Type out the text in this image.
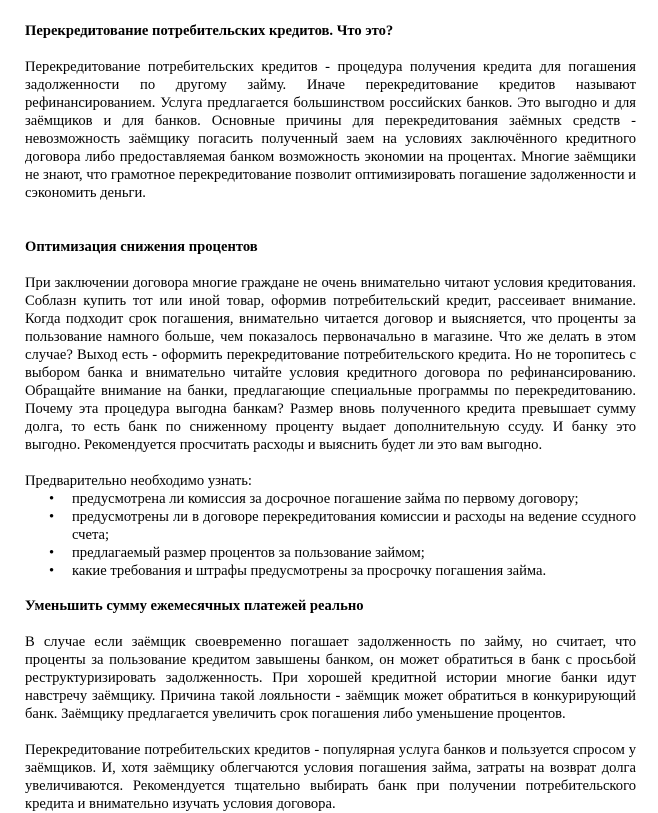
Перекредитование потребительских кредитов. Что это?

Перекредитование потребительских кредитов - процедура получения кредита для погашения задолженности по другому займу. Иначе перекредитование кредитов называют рефинансированием. Услуга предлагается большинством российских банков. Это выгодно и для заёмщиков и для банков. Основные причины для перекредитования заёмных средств - невозможность заёмщику погасить полученный заем на условиях заключённого кредитного договора либо предоставляемая банком возможность экономии на процентах. Многие заёмщики не знают, что грамотное перекредитование позволит оптимизировать погашение задолженности и сэкономить деньги.

Оптимизация снижения процентов

При заключении договора многие граждане не очень внимательно читают условия кредитования. Соблазн купить тот или иной товар, оформив потребительский кредит, рассеивает внимание. Когда подходит срок погашения, внимательно читается договор и выясняется, что проценты за пользование намного больше, чем показалось первоначально в магазине. Что же делать в этом случае? Выход есть - оформить перекредитование потребительского кредита. Но не торопитесь с выбором банка и внимательно читайте условия кредитного договора по рефинансированию. Обращайте внимание на банки, предлагающие специальные программы по перекредитованию. Почему эта процедура выгодна банкам? Размер вновь полученного кредита превышает сумму долга, то есть банк по сниженному проценту выдает дополнительную ссуду. И банку это выгодно. Рекомендуется просчитать расходы и выяснить будет ли это вам выгодно.

Предварительно необходимо узнать:

• предусмотрена ли комиссия за досрочное погашение займа по первому договору;
• предусмотрены ли в договоре перекредитования комиссии и расходы на ведение ссудного счета;
• предлагаемый размер процентов за пользование займом;
• какие требования и штрафы предусмотрены за просрочку погашения займа.
Уменьшить сумму ежемесячных платежей реально

В случае если заёмщик своевременно погашает задолженность по займу, но считает, что проценты за пользование кредитом завышены банком, он может обратиться в банк с просьбой реструктуризировать задолженность. При хорошей кредитной истории многие банки идут навстречу заёмщику. Причина такой лояльности - заёмщик может обратиться в конкурирующий банк. Заёмщику предлагается увеличить срок погашения либо уменьшение процентов.

Перекредитование потребительских кредитов - популярная услуга банков и пользуется спросом у заёмщиков. И, хотя заёмщику облегчаются условия погашения займа, затраты на возврат долга увеличиваются. Рекомендуется тщательно выбирать банк при получении потребительского кредита и внимательно изучать условия договора.
